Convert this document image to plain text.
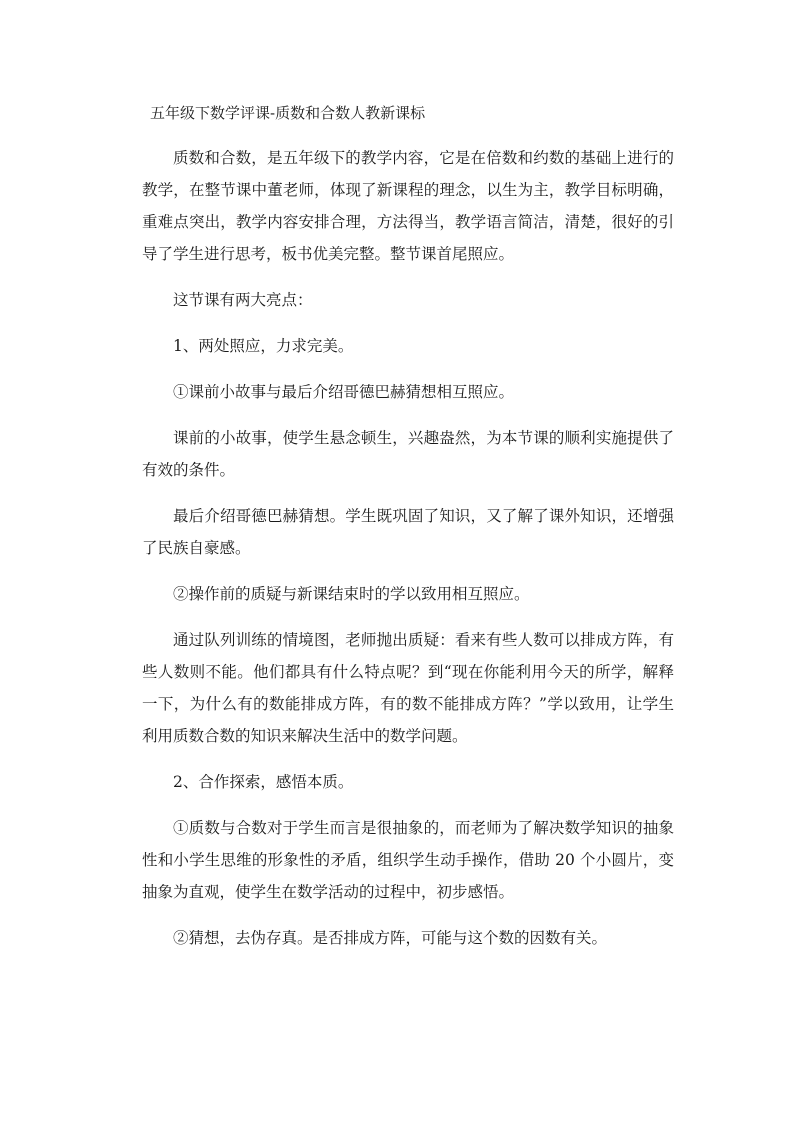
五年级下数学评课-质数和合数人教新课标

质数和合数，是五年级下的教学内容，它是在倍数和约数的基础上进行的教学，在整节课中董老师，体现了新课程的理念，以生为主，教学目标明确，重难点突出，教学内容安排合理，方法得当，教学语言简洁，清楚，很好的引导了学生进行思考，板书优美完整。整节课首尾照应。

这节课有两大亮点：

1、两处照应，力求完美。

①课前小故事与最后介绍哥德巴赫猜想相互照应。

课前的小故事，使学生悬念顿生，兴趣盎然，为本节课的顺利实施提供了有效的条件。

最后介绍哥德巴赫猜想。学生既巩固了知识，又了解了课外知识，还增强了民族自豪感。

②操作前的质疑与新课结束时的学以致用相互照应。

通过队列训练的情境图，老师抛出质疑：看来有些人数可以排成方阵，有些人数则不能。他们都具有什么特点呢？到“现在你能利用今天的所学，解释一下，为什么有的数能排成方阵，有的数不能排成方阵？”学以致用，让学生利用质数合数的知识来解决生活中的数学问题。

2、合作探索，感悟本质。

①质数与合数对于学生而言是很抽象的，而老师为了解决数学知识的抽象性和小学生思维的形象性的矛盾，组织学生动手操作，借助 20 个小圆片，变抽象为直观，使学生在数学活动的过程中，初步感悟。

②猜想，去伪存真。是否排成方阵，可能与这个数的因数有关。
